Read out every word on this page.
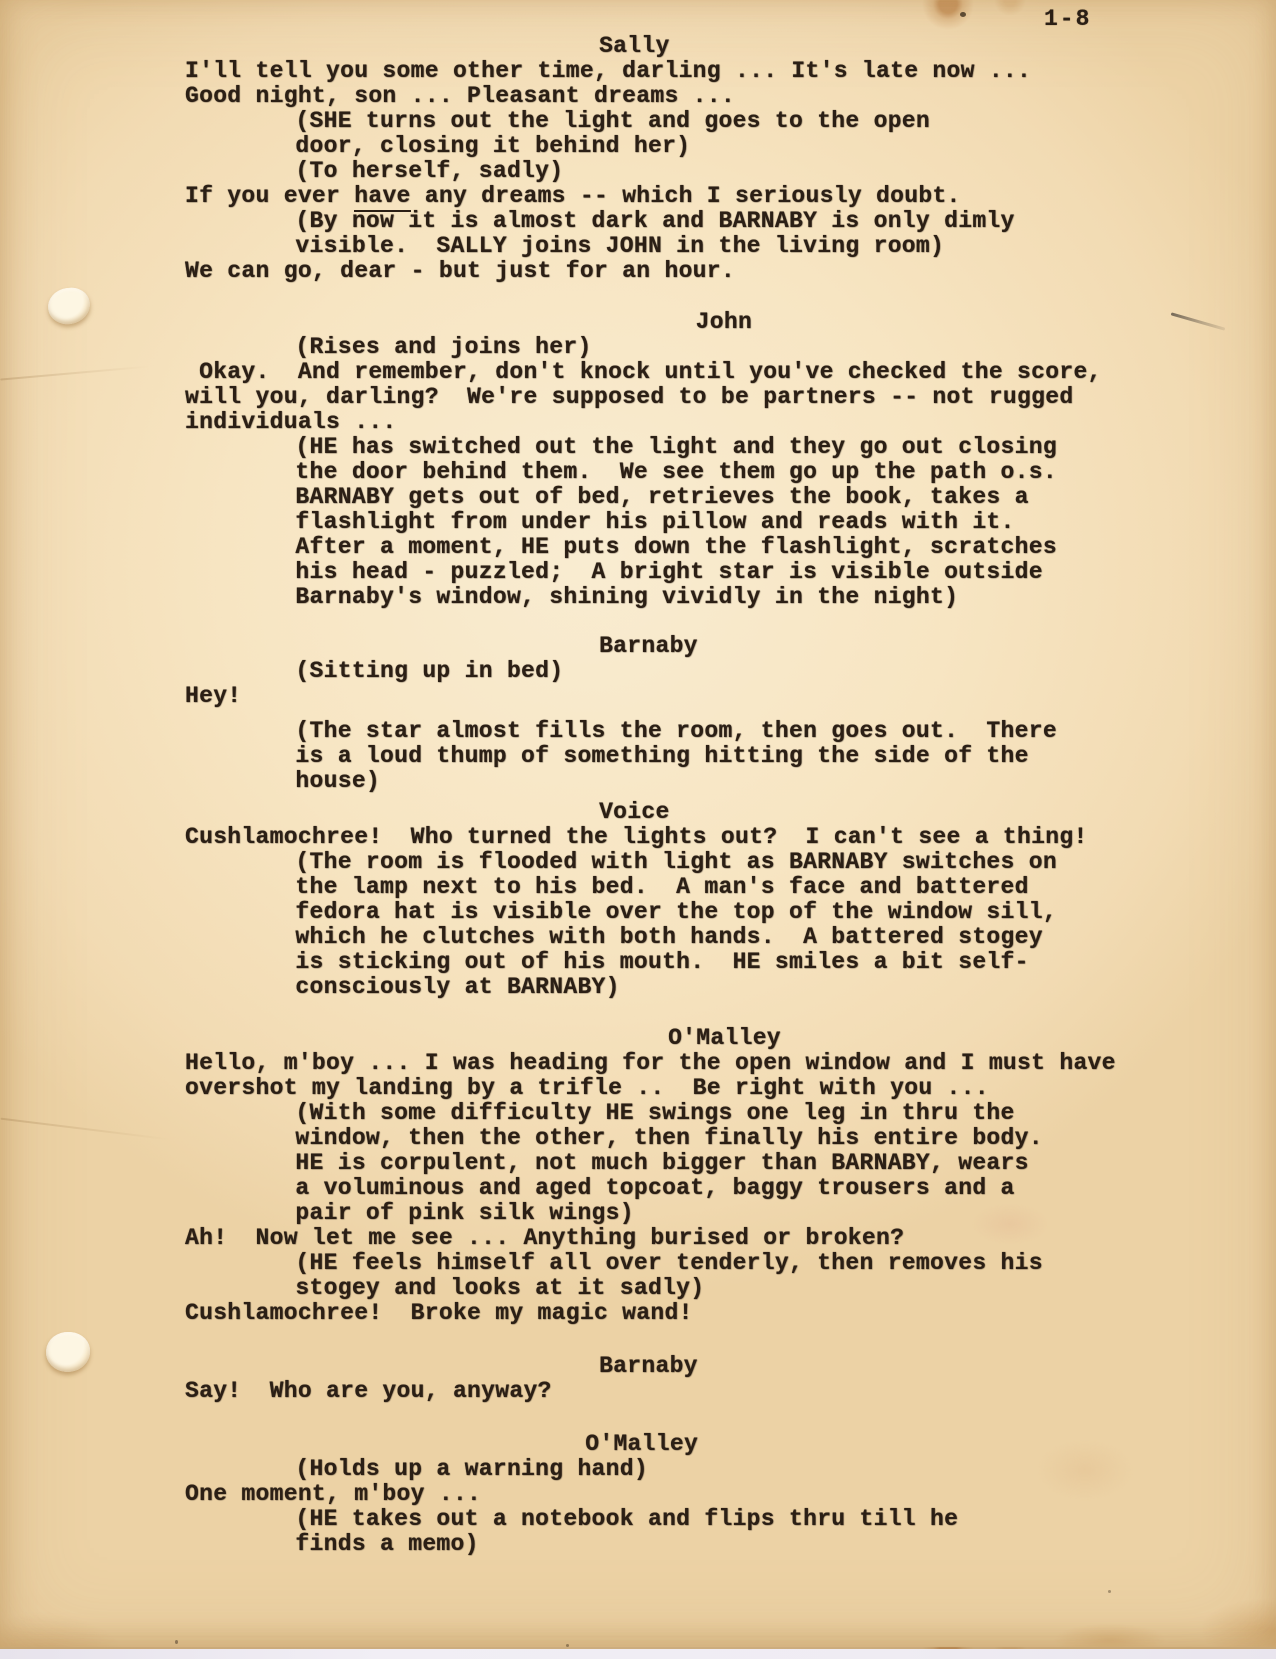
1-8
Sally
I'll tell you some other time, darling ... It's late now ...
Good night, son ... Pleasant dreams ...
(SHE turns out the light and goes to the open
door, closing it behind her)
(To herself, sadly)
If you ever have any dreams -- which I seriously doubt.
(By now it is almost dark and BARNABY is only dimly
visible.  SALLY joins JOHN in the living room)
We can go, dear - but just for an hour.
John
(Rises and joins her)
Okay.  And remember, don't knock until you've checked the score,
will you, darling?  We're supposed to be partners -- not rugged
individuals ...
(HE has switched out the light and they go out closing
the door behind them.  We see them go up the path o.s.
BARNABY gets out of bed, retrieves the book, takes a
flashlight from under his pillow and reads with it.
After a moment, HE puts down the flashlight, scratches
his head - puzzled;  A bright star is visible outside
Barnaby's window, shining vividly in the night)
Barnaby
(Sitting up in bed)
Hey!
(The star almost fills the room, then goes out.  There
is a loud thump of something hitting the side of the
house)
Voice
Cushlamochree!  Who turned the lights out?  I can't see a thing!
(The room is flooded with light as BARNABY switches on
the lamp next to his bed.  A man's face and battered
fedora hat is visible over the top of the window sill,
which he clutches with both hands.  A battered stogey
is sticking out of his mouth.  HE smiles a bit self-
consciously at BARNABY)
O'Malley
Hello, m'boy ... I was heading for the open window and I must have
overshot my landing by a trifle ..  Be right with you ...
(With some difficulty HE swings one leg in thru the
window, then the other, then finally his entire body.
HE is corpulent, not much bigger than BARNABY, wears
a voluminous and aged topcoat, baggy trousers and a
pair of pink silk wings)
Ah!  Now let me see ... Anything burised or broken?
(HE feels himself all over tenderly, then removes his
stogey and looks at it sadly)
Cushlamochree!  Broke my magic wand!
Barnaby
Say!  Who are you, anyway?
O'Malley
(Holds up a warning hand)
One moment, m'boy ...
(HE takes out a notebook and flips thru till he
finds a memo)
